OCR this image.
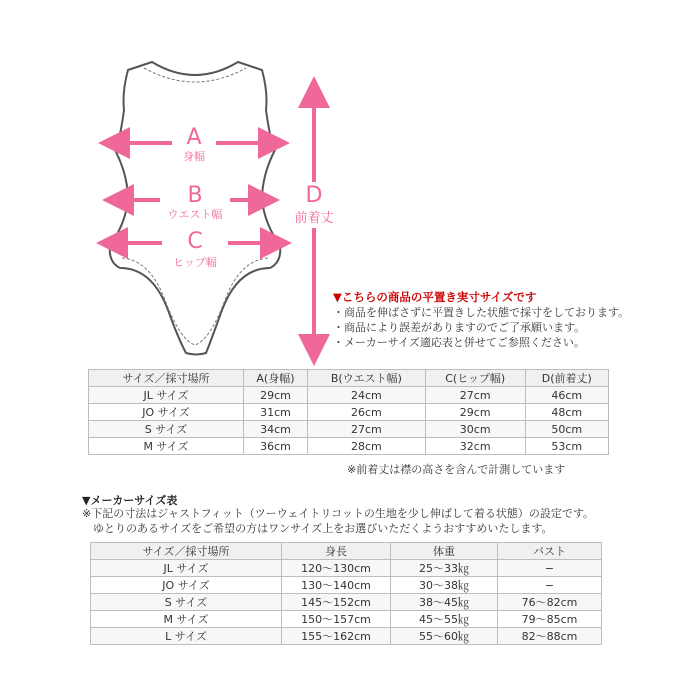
A
身幅
B
ウエスト幅
C
ヒップ幅
D
前着丈
▼こちらの商品の平置き実寸サイズです
・商品を伸ばさずに平置きした状態で採寸をしております。
・商品により誤差がありますのでご了承願います。
・メーカーサイズ適応表と併せてご参照ください。
サイズ／採寸場所	A(身幅)	B(ウエスト幅)	C(ヒップ幅)	D(前着丈)
JL サイズ	29cm	24cm	27cm	46cm
JO サイズ	31cm	26cm	29cm	48cm
S サイズ	34cm	27cm	30cm	50cm
M サイズ	36cm	28cm	32cm	53cm
※前着丈は襟の高さを含んで計測しています
▼メーカーサイズ表
※下記の寸法はジャストフィット（ツーウェイトリコットの生地を少し伸ばして着る状態）の設定です。
　ゆとりのあるサイズをご希望の方はワンサイズ上をお選びいただくようおすすめいたします。
サイズ／採寸場所	身長	体重	バスト
JL サイズ	120〜130cm	25〜33㎏	−
JO サイズ	130〜140cm	30〜38㎏	−
S サイズ	145〜152cm	38〜45㎏	76〜82cm
M サイズ	150〜157cm	45〜55㎏	79〜85cm
L サイズ	155〜162cm	55〜60㎏	82〜88cm
